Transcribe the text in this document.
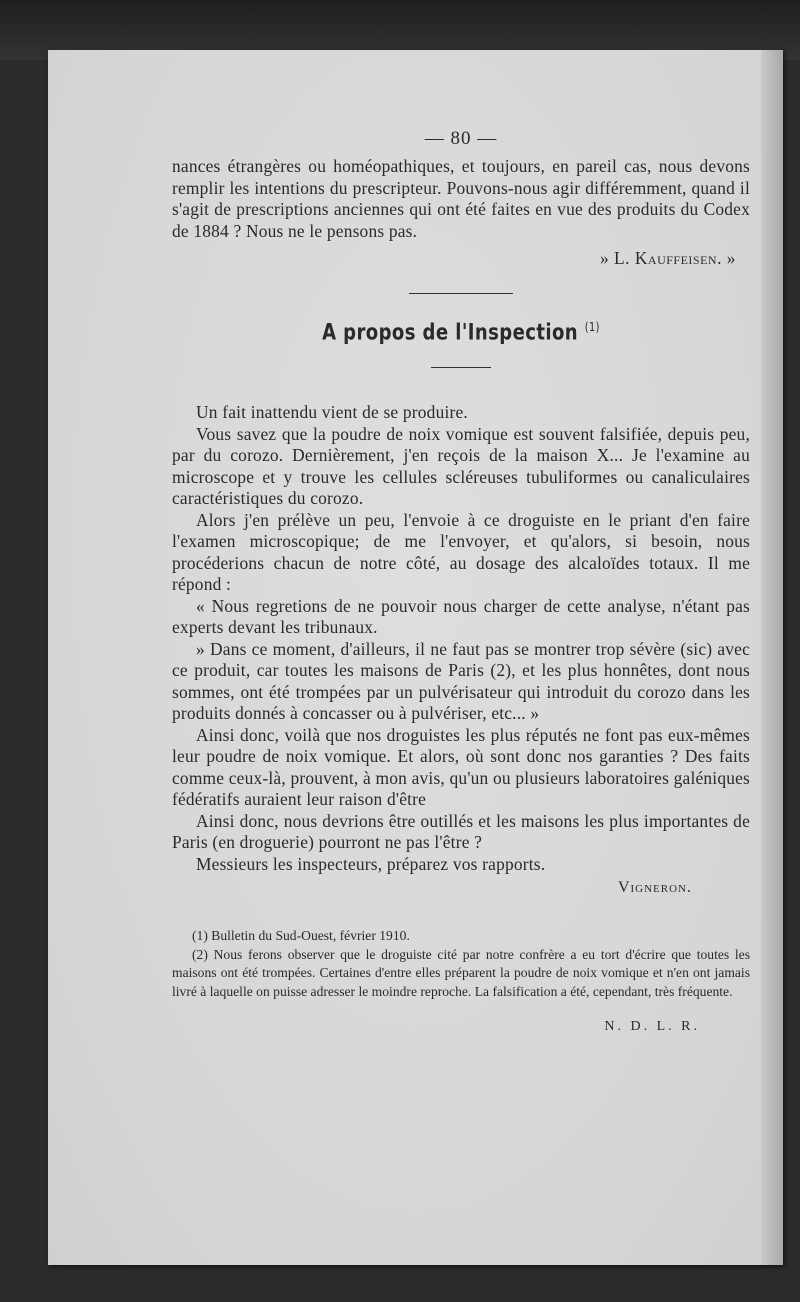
— 80 —

nances étrangères ou homéopathiques, et toujours, en pareil cas, nous devons remplir les intentions du prescripteur. Pouvons-nous agir différemment, quand il s'agit de prescriptions anciennes qui ont été faites en vue des produits du Codex de 1884 ? Nous ne le pensons pas.

» L. Kauffeisen. »
A propos de l'Inspection $^{(1)}$

Un fait inattendu vient de se produire.

Vous savez que la poudre de noix vomique est souvent falsifiée, depuis peu, par du corozo. Dernièrement, j'en reçois de la maison X... Je l'examine au microscope et y trouve les cellules scléreuses tubuliformes ou canaliculaires caractéristiques du corozo.

Alors j'en prélève un peu, l'envoie à ce droguiste en le priant d'en faire l'examen microscopique; de me l'envoyer, et qu'alors, si besoin, nous procéderions chacun de notre côté, au dosage des alcaloïdes totaux. Il me répond :

« Nous regretions de ne pouvoir nous charger de cette analyse, n'étant pas experts devant les tribunaux.

» Dans ce moment, d'ailleurs, il ne faut pas se montrer trop sévère (sic) avec ce produit, car toutes les maisons de Paris (2), et les plus honnêtes, dont nous sommes, ont été trompées par un pulvérisateur qui introduit du corozo dans les produits donnés à concasser ou à pulvériser, etc... »

Ainsi donc, voilà que nos droguistes les plus réputés ne font pas eux-mêmes leur poudre de noix vomique. Et alors, où sont donc nos garanties ? Des faits comme ceux-là, prouvent, à mon avis, qu'un ou plusieurs laboratoires galéniques fédératifs auraient leur raison d'être

Ainsi donc, nous devrions être outillés et les maisons les plus importantes de Paris (en droguerie) pourront ne pas l'être ?

Messieurs les inspecteurs, préparez vos rapports.

Vigneron.

(1) Bulletin du Sud-Ouest, février 1910.

(2) Nous ferons observer que le droguiste cité par notre confrère a eu tort d'écrire que toutes les maisons ont été trompées. Certaines d'entre elles préparent la poudre de noix vomique et n'en ont jamais livré à laquelle on puisse adresser le moindre reproche. La falsification a été, cependant, très fréquente.

N. D. L. R.
